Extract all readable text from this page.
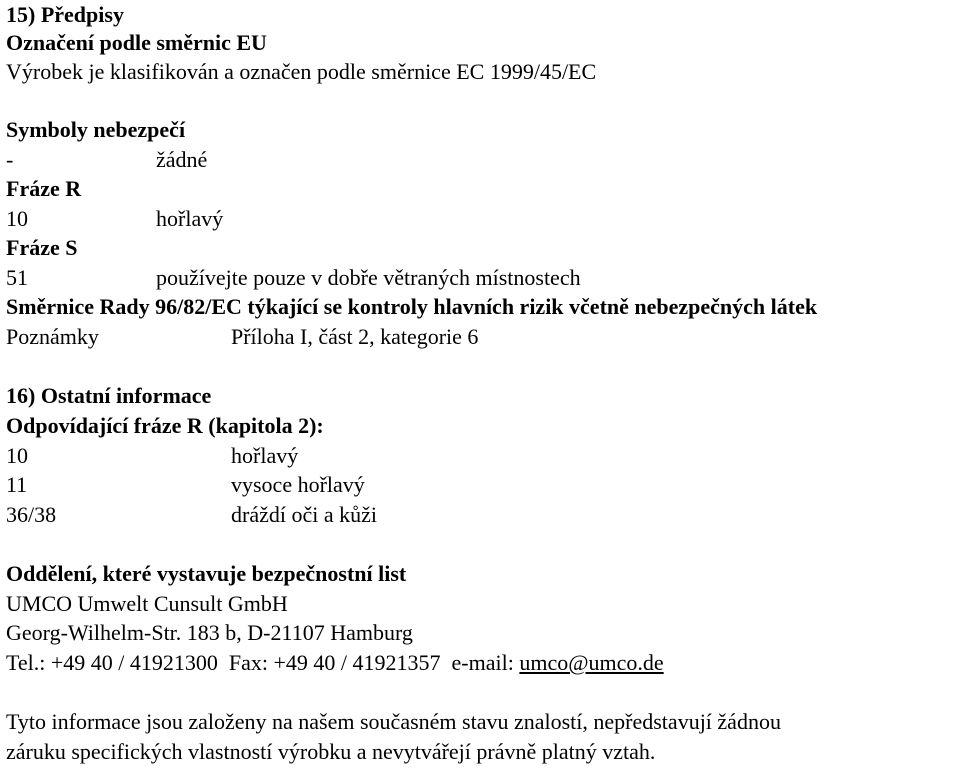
15) Předpisy
Označení podle směrnic EU
Výrobek je klasifikován a označen podle směrnice EC 1999/45/EC
Symboly nebezpečí
-	žádné
Fráze R
10	hořlavý
Fráze S
51	používejte pouze v dobře větraných místnostech
Směrnice Rady 96/82/EC týkající se kontroly hlavních rizik včetně nebezpečných látek
Poznámky	Příloha I, část 2, kategorie 6
16) Ostatní informace
Odpovídající fráze R (kapitola 2):
10	hořlavý
11	vysoce hořlavý
36/38	dráždí oči a kůži
Oddělení, které vystavuje bezpečnostní list
UMCO Umwelt Cunsult GmbH
Georg-Wilhelm-Str. 183 b, D-21107 Hamburg
Tel.: +49 40 / 41921300  Fax: +49 40 / 41921357  e-mail: umco@umco.de
Tyto informace jsou založeny na našem současném stavu znalostí, nepředstavují žádnou
záruku specifických vlastností výrobku a nevytvářejí právně platný vztah.
